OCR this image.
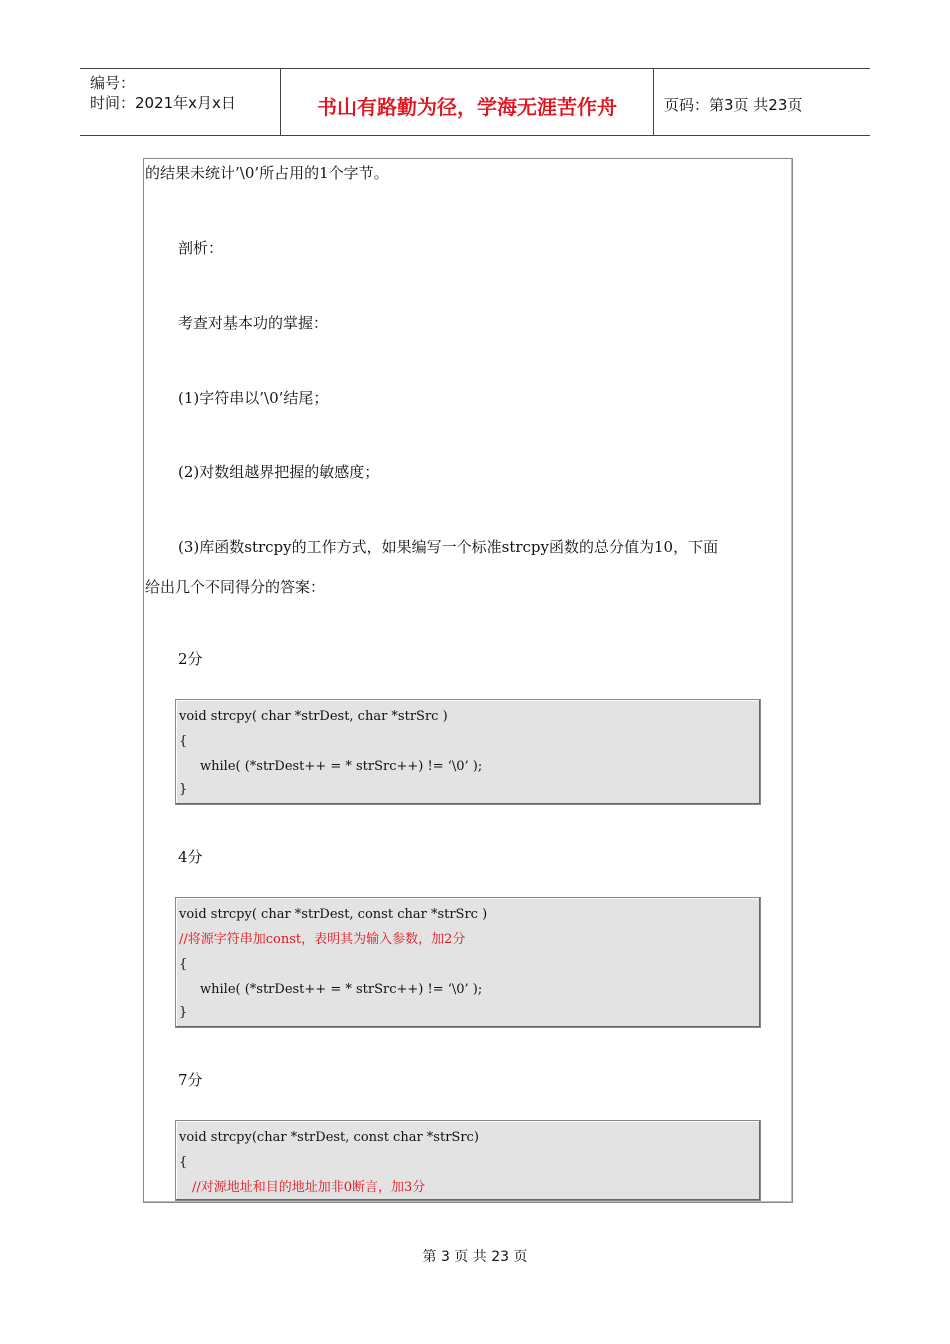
编号：
时间：2021年x月x日	书山有路勤为径，学海无涯苦作舟	页码：第3页 共23页
的结果未统计’\0’所占用的1个字节。
剖析：
考查对基本功的掌握：
(1)字符串以’\0’结尾；
(2)对数组越界把握的敏感度；
(3)库函数strcpy的工作方式，如果编写一个标准strcpy函数的总分值为10，下面
给出几个不同得分的答案：
2分
void strcpy( char *strDest, char *strSrc )
{
while( (*strDest++ = * strSrc++) != ‘\0’ );
}
4分
void strcpy( char *strDest, const char *strSrc )
//将源字符串加const，表明其为输入参数，加2分
{
while( (*strDest++ = * strSrc++) != ‘\0’ );
}
7分
void strcpy(char *strDest, const char *strSrc)
{
//对源地址和目的地址加非0断言，加3分
第 3 页 共 23 页
